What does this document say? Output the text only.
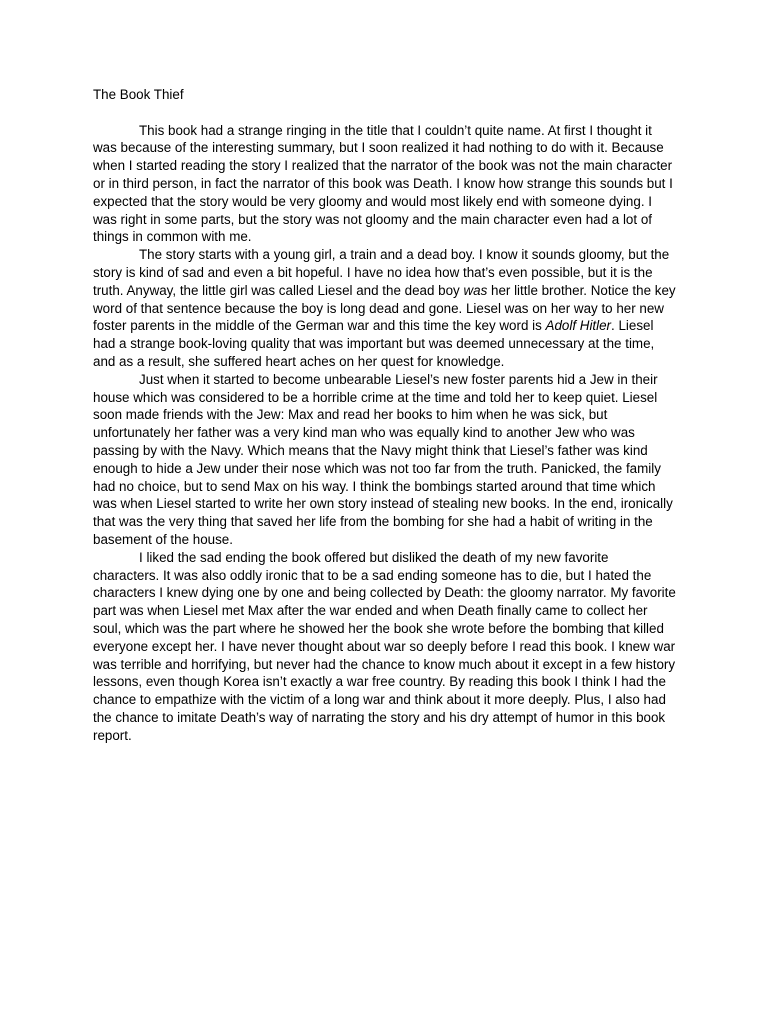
The Book Thief

This book had a strange ringing in the title that I couldn’t quite name. At first I thought it was because of the interesting summary, but I soon realized it had nothing to do with it. Because when I started reading the story I realized that the narrator of the book was not the main character or in third person, in fact the narrator of this book was Death. I know how strange this sounds but I expected that the story would be very gloomy and would most likely end with someone dying. I was right in some parts, but the story was not gloomy and the main character even had a lot of things in common with me.

The story starts with a young girl, a train and a dead boy. I know it sounds gloomy, but the story is kind of sad and even a bit hopeful. I have no idea how that’s even possible, but it is the truth. Anyway, the little girl was called Liesel and the dead boy was her little brother. Notice the key word of that sentence because the boy is long dead and gone. Liesel was on her way to her new foster parents in the middle of the German war and this time the key word is Adolf Hitler. Liesel had a strange book-loving quality that was important but was deemed unnecessary at the time, and as a result, she suffered heart aches on her quest for knowledge.

Just when it started to become unbearable Liesel’s new foster parents hid a Jew in their house which was considered to be a horrible crime at the time and told her to keep quiet. Liesel soon made friends with the Jew: Max and read her books to him when he was sick, but unfortunately her father was a very kind man who was equally kind to another Jew who was passing by with the Navy. Which means that the Navy might think that Liesel’s father was kind enough to hide a Jew under their nose which was not too far from the truth. Panicked, the family had no choice, but to send Max on his way. I think the bombings started around that time which was when Liesel started to write her own story instead of stealing new books. In the end, ironically that was the very thing that saved her life from the bombing for she had a habit of writing in the basement of the house.

I liked the sad ending the book offered but disliked the death of my new favorite characters. It was also oddly ironic that to be a sad ending someone has to die, but I hated the characters I knew dying one by one and being collected by Death: the gloomy narrator. My favorite part was when Liesel met Max after the war ended and when Death finally came to collect her soul, which was the part where he showed her the book she wrote before the bombing that killed everyone except her. I have never thought about war so deeply before I read this book. I knew war was terrible and horrifying, but never had the chance to know much about it except in a few history lessons, even though Korea isn’t exactly a war free country. By reading this book I think I had the chance to empathize with the victim of a long war and think about it more deeply. Plus, I also had the chance to imitate Death’s way of narrating the story and his dry attempt of humor in this book report.
